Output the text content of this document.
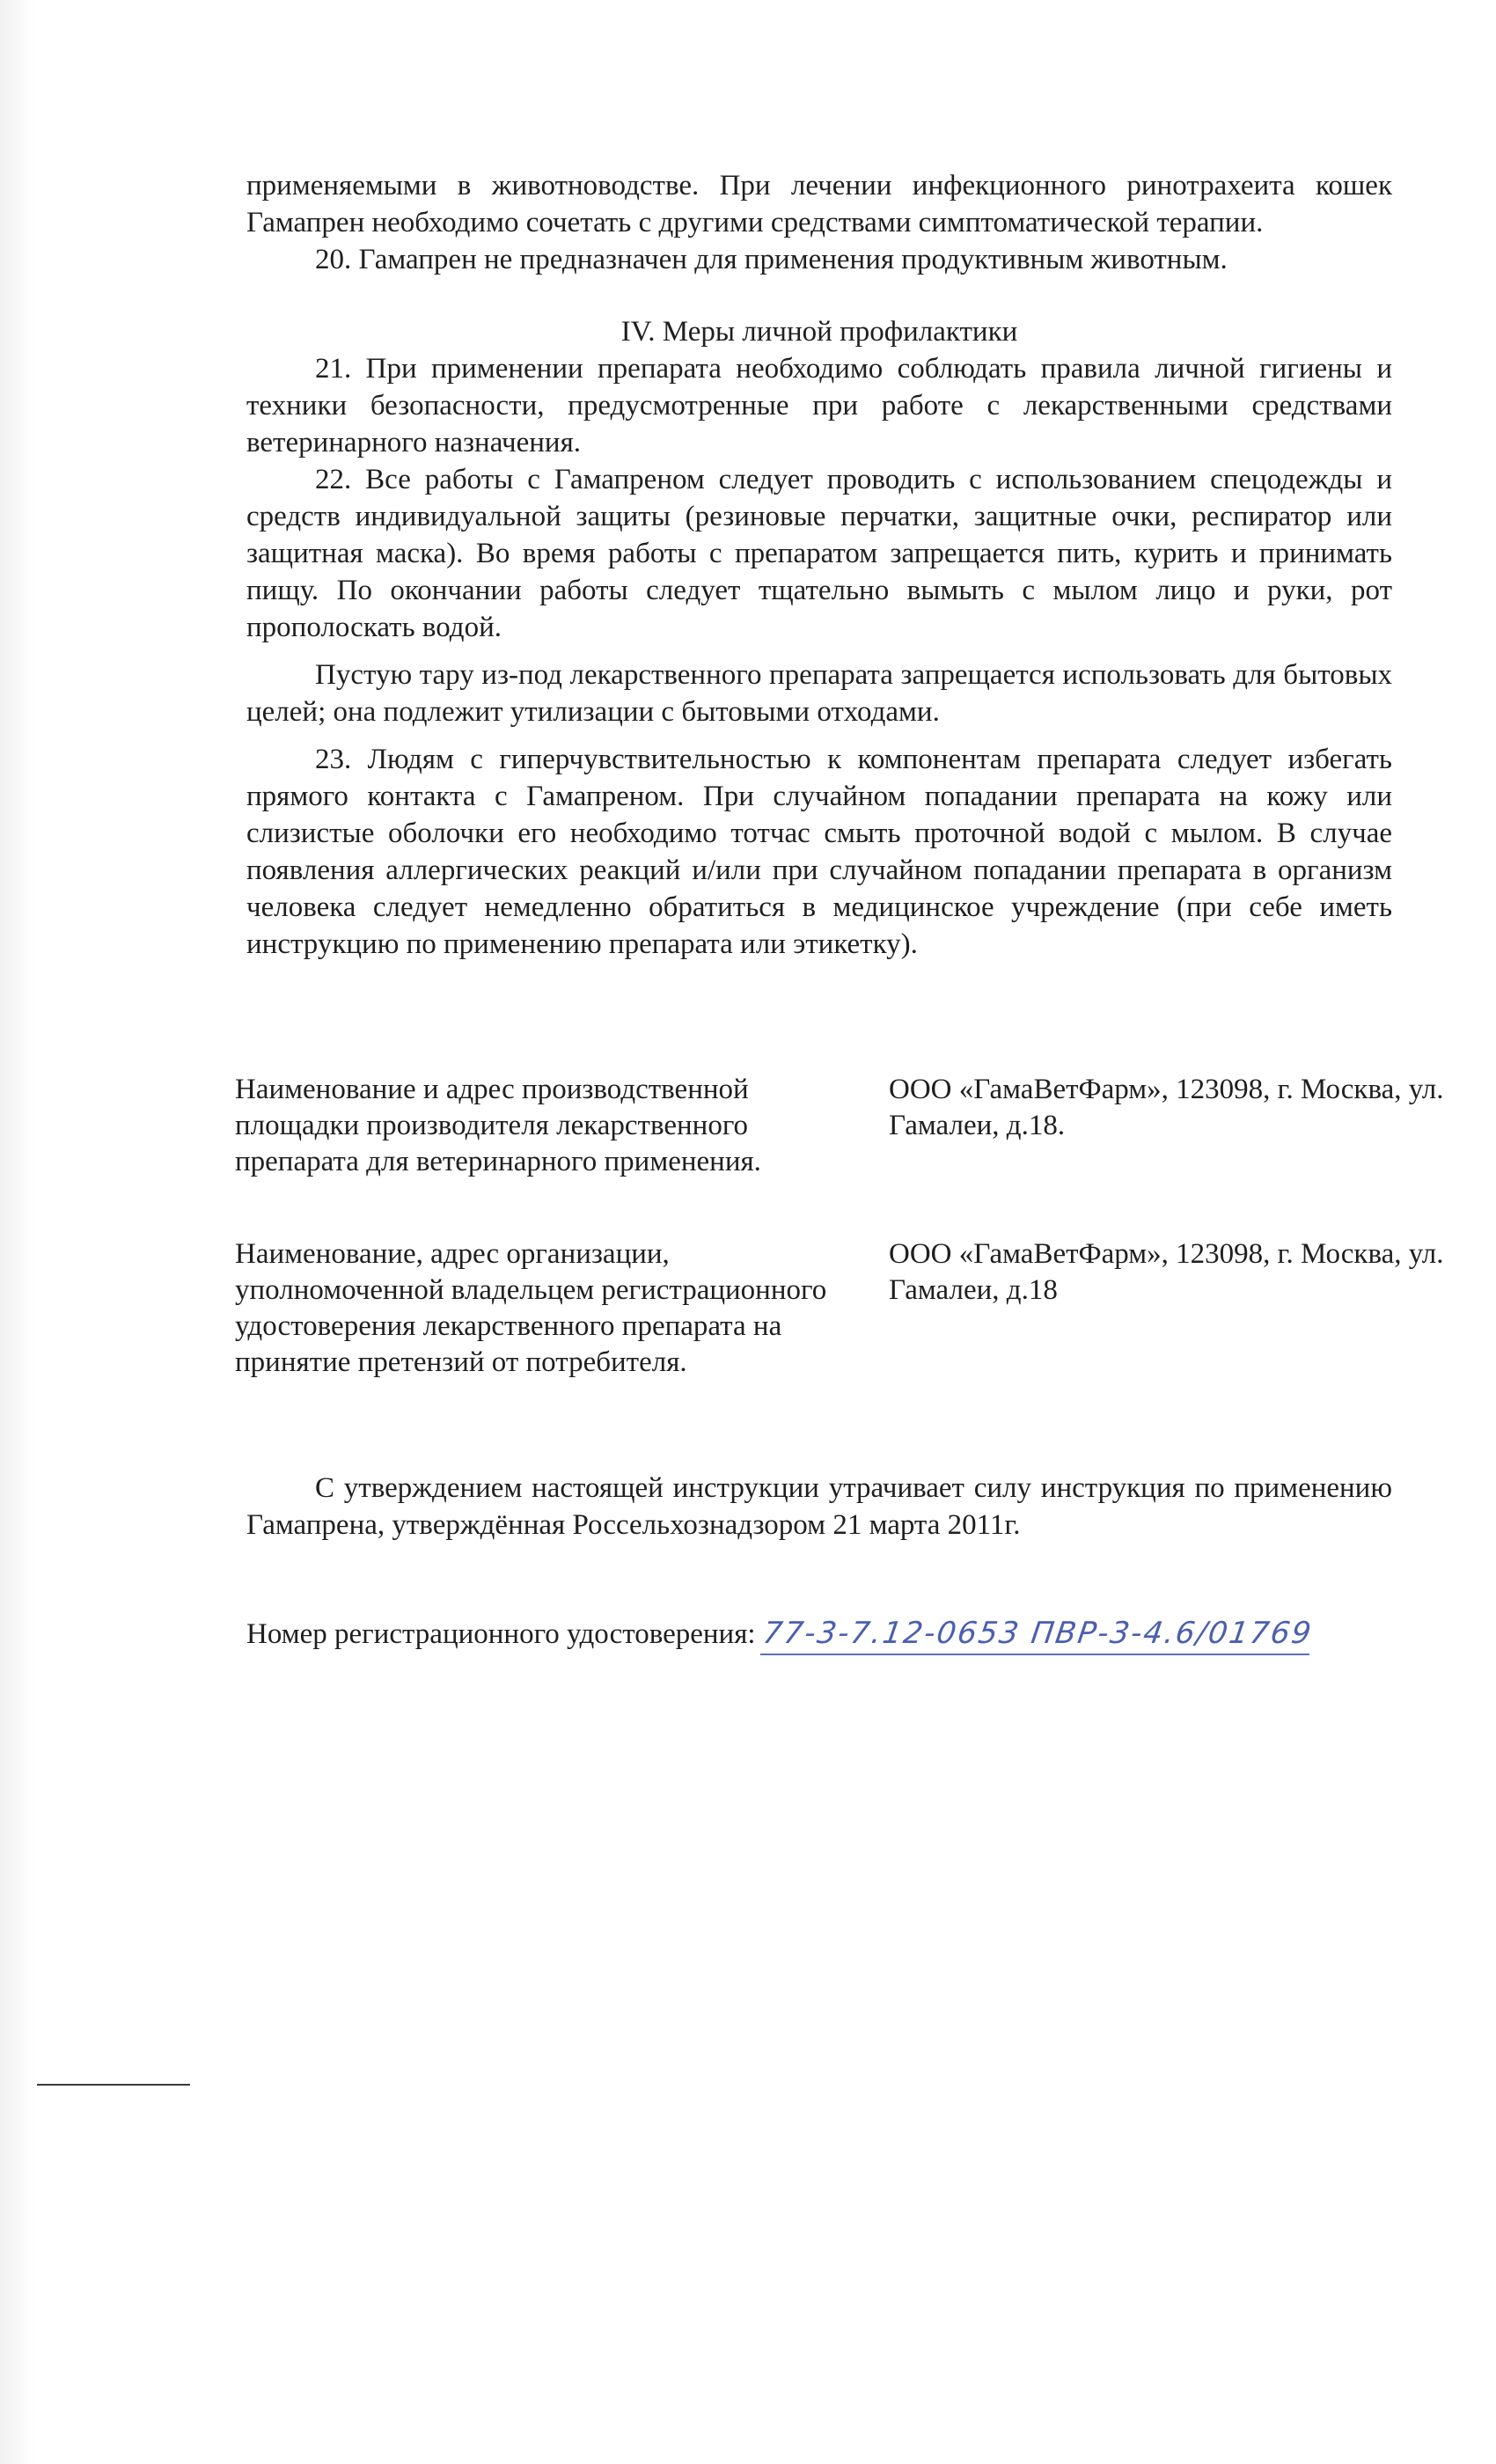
применяемыми в животноводстве. При лечении инфекционного ринотрахеита кошек Гамапрен необходимо сочетать с другими средствами симптоматической терапии.

20. Гамапрен не предназначен для применения продуктивным животным.

IV. Меры личной профилактики

21. При применении препарата необходимо соблюдать правила личной гигиены и техники безопасности, предусмотренные при работе с лекарственными средствами ветеринарного назначения.

22. Все работы с Гамапреном следует проводить с использованием спецодежды и средств индивидуальной защиты (резиновые перчатки, защитные очки, респиратор или защитная маска). Во время работы с препаратом запрещается пить, курить и принимать пищу. По окончании работы следует тщательно вымыть с мылом лицо и руки, рот прополоскать водой.

Пустую тару из-под лекарственного препарата запрещается использовать для бытовых целей; она подлежит утилизации с бытовыми отходами.

23. Людям с гиперчувствительностью к компонентам препарата следует избегать прямого контакта с Гамапреном. При случайном попадании препарата на кожу или слизистые оболочки его необходимо тотчас смыть проточной водой с мылом. В случае появления аллергических реакций и/или при случайном попадании препарата в организм человека следует немедленно обратиться в медицинское учреждение (при себе иметь инструкцию по применению препарата или этикетку).

Наименование и адрес производственной площадки производителя лекарственного препарата для ветеринарного применения.
ООО «ГамаВетФарм», 123098, г. Москва, ул. Гамалеи, д.18.
Наименование, адрес организации, уполномоченной владельцем регистрационного удостоверения лекарственного препарата на принятие претензий от потребителя.
ООО «ГамаВетФарм», 123098, г. Москва, ул. Гамалеи, д.18

С утверждением настоящей инструкции утрачивает силу инструкция по применению Гамапрена, утверждённая Россельхознадзором 21 марта 2011г.

Номер регистрационного удостоверения: 77-3-7.12-0653 ПВР-3-4.6/01769
